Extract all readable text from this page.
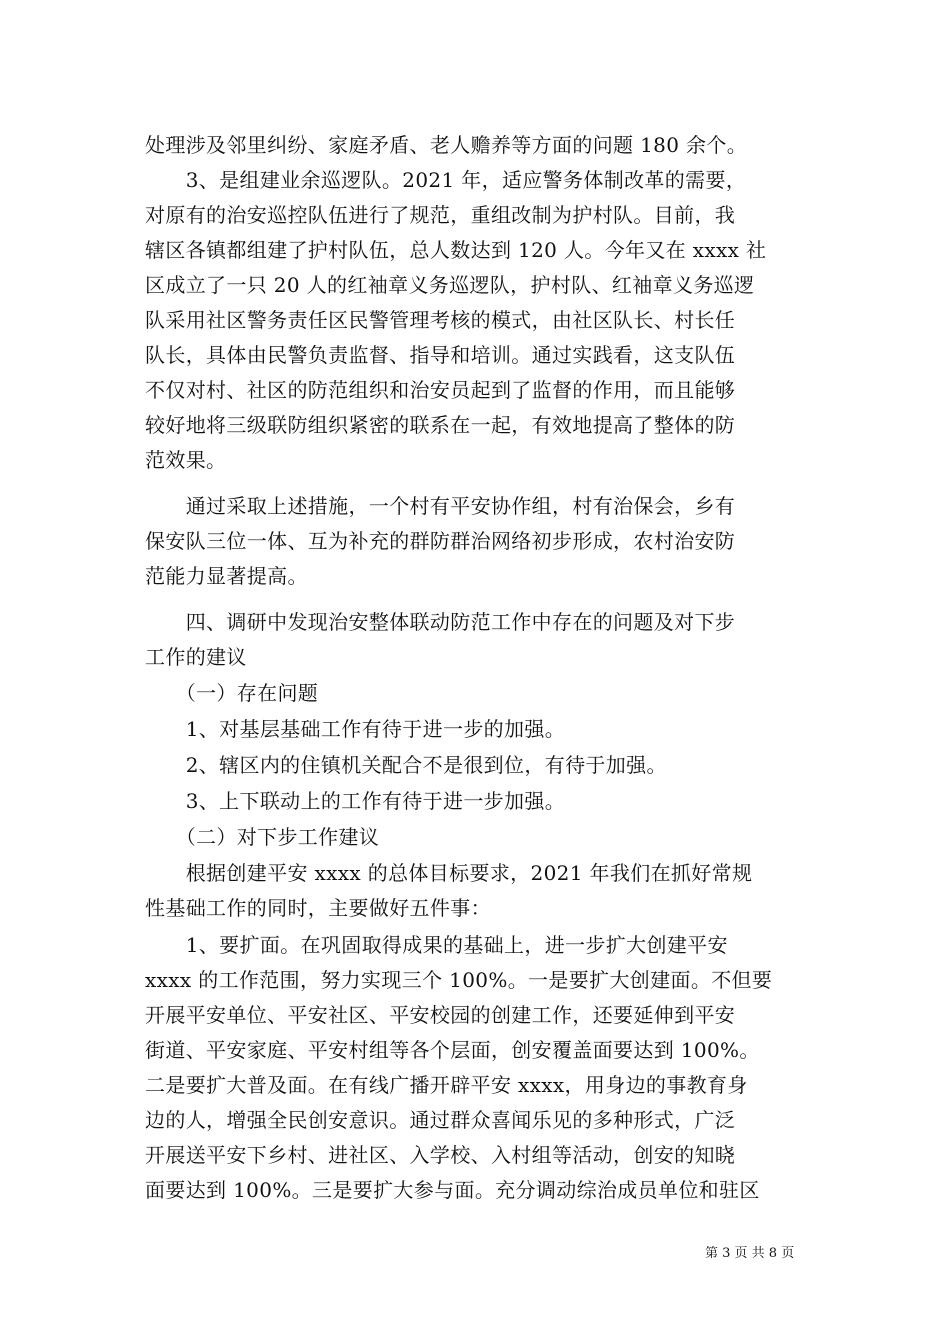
处理涉及邻里纠纷、家庭矛盾、老人赡养等方面的问题 180 余个。
　　3、是组建业余巡逻队。2021 年，适应警务体制改革的需要，
对原有的治安巡控队伍进行了规范，重组改制为护村队。目前，我
辖区各镇都组建了护村队伍，总人数达到 120 人。今年又在 xxxx 社
区成立了一只 20 人的红袖章义务巡逻队，护村队、红袖章义务巡逻
队采用社区警务责任区民警管理考核的模式，由社区队长、村长任
队长，具体由民警负责监督、指导和培训。通过实践看，这支队伍
不仅对村、社区的防范组织和治安员起到了监督的作用，而且能够
较好地将三级联防组织紧密的联系在一起，有效地提高了整体的防
范效果。
　　通过采取上述措施，一个村有平安协作组，村有治保会，乡有
保安队三位一体、互为补充的群防群治网络初步形成，农村治安防
范能力显著提高。
　　四、调研中发现治安整体联动防范工作中存在的问题及对下步
工作的建议
　　（一）存在问题
　　1、对基层基础工作有待于进一步的加强。
　　2、辖区内的住镇机关配合不是很到位，有待于加强。
　　3、上下联动上的工作有待于进一步加强。
　　（二）对下步工作建议
　　根据创建平安 xxxx 的总体目标要求，2021 年我们在抓好常规
性基础工作的同时，主要做好五件事：
　　1、要扩面。在巩固取得成果的基础上，进一步扩大创建平安
xxxx 的工作范围，努力实现三个 100%。一是要扩大创建面。不但要
开展平安单位、平安社区、平安校园的创建工作，还要延伸到平安
街道、平安家庭、平安村组等各个层面，创安覆盖面要达到 100%。
二是要扩大普及面。在有线广播开辟平安 xxxx，用身边的事教育身
边的人，增强全民创安意识。通过群众喜闻乐见的多种形式，广泛
开展送平安下乡村、进社区、入学校、入村组等活动，创安的知晓
面要达到 100%。三是要扩大参与面。充分调动综治成员单位和驻区
第 3 页 共 8 页
